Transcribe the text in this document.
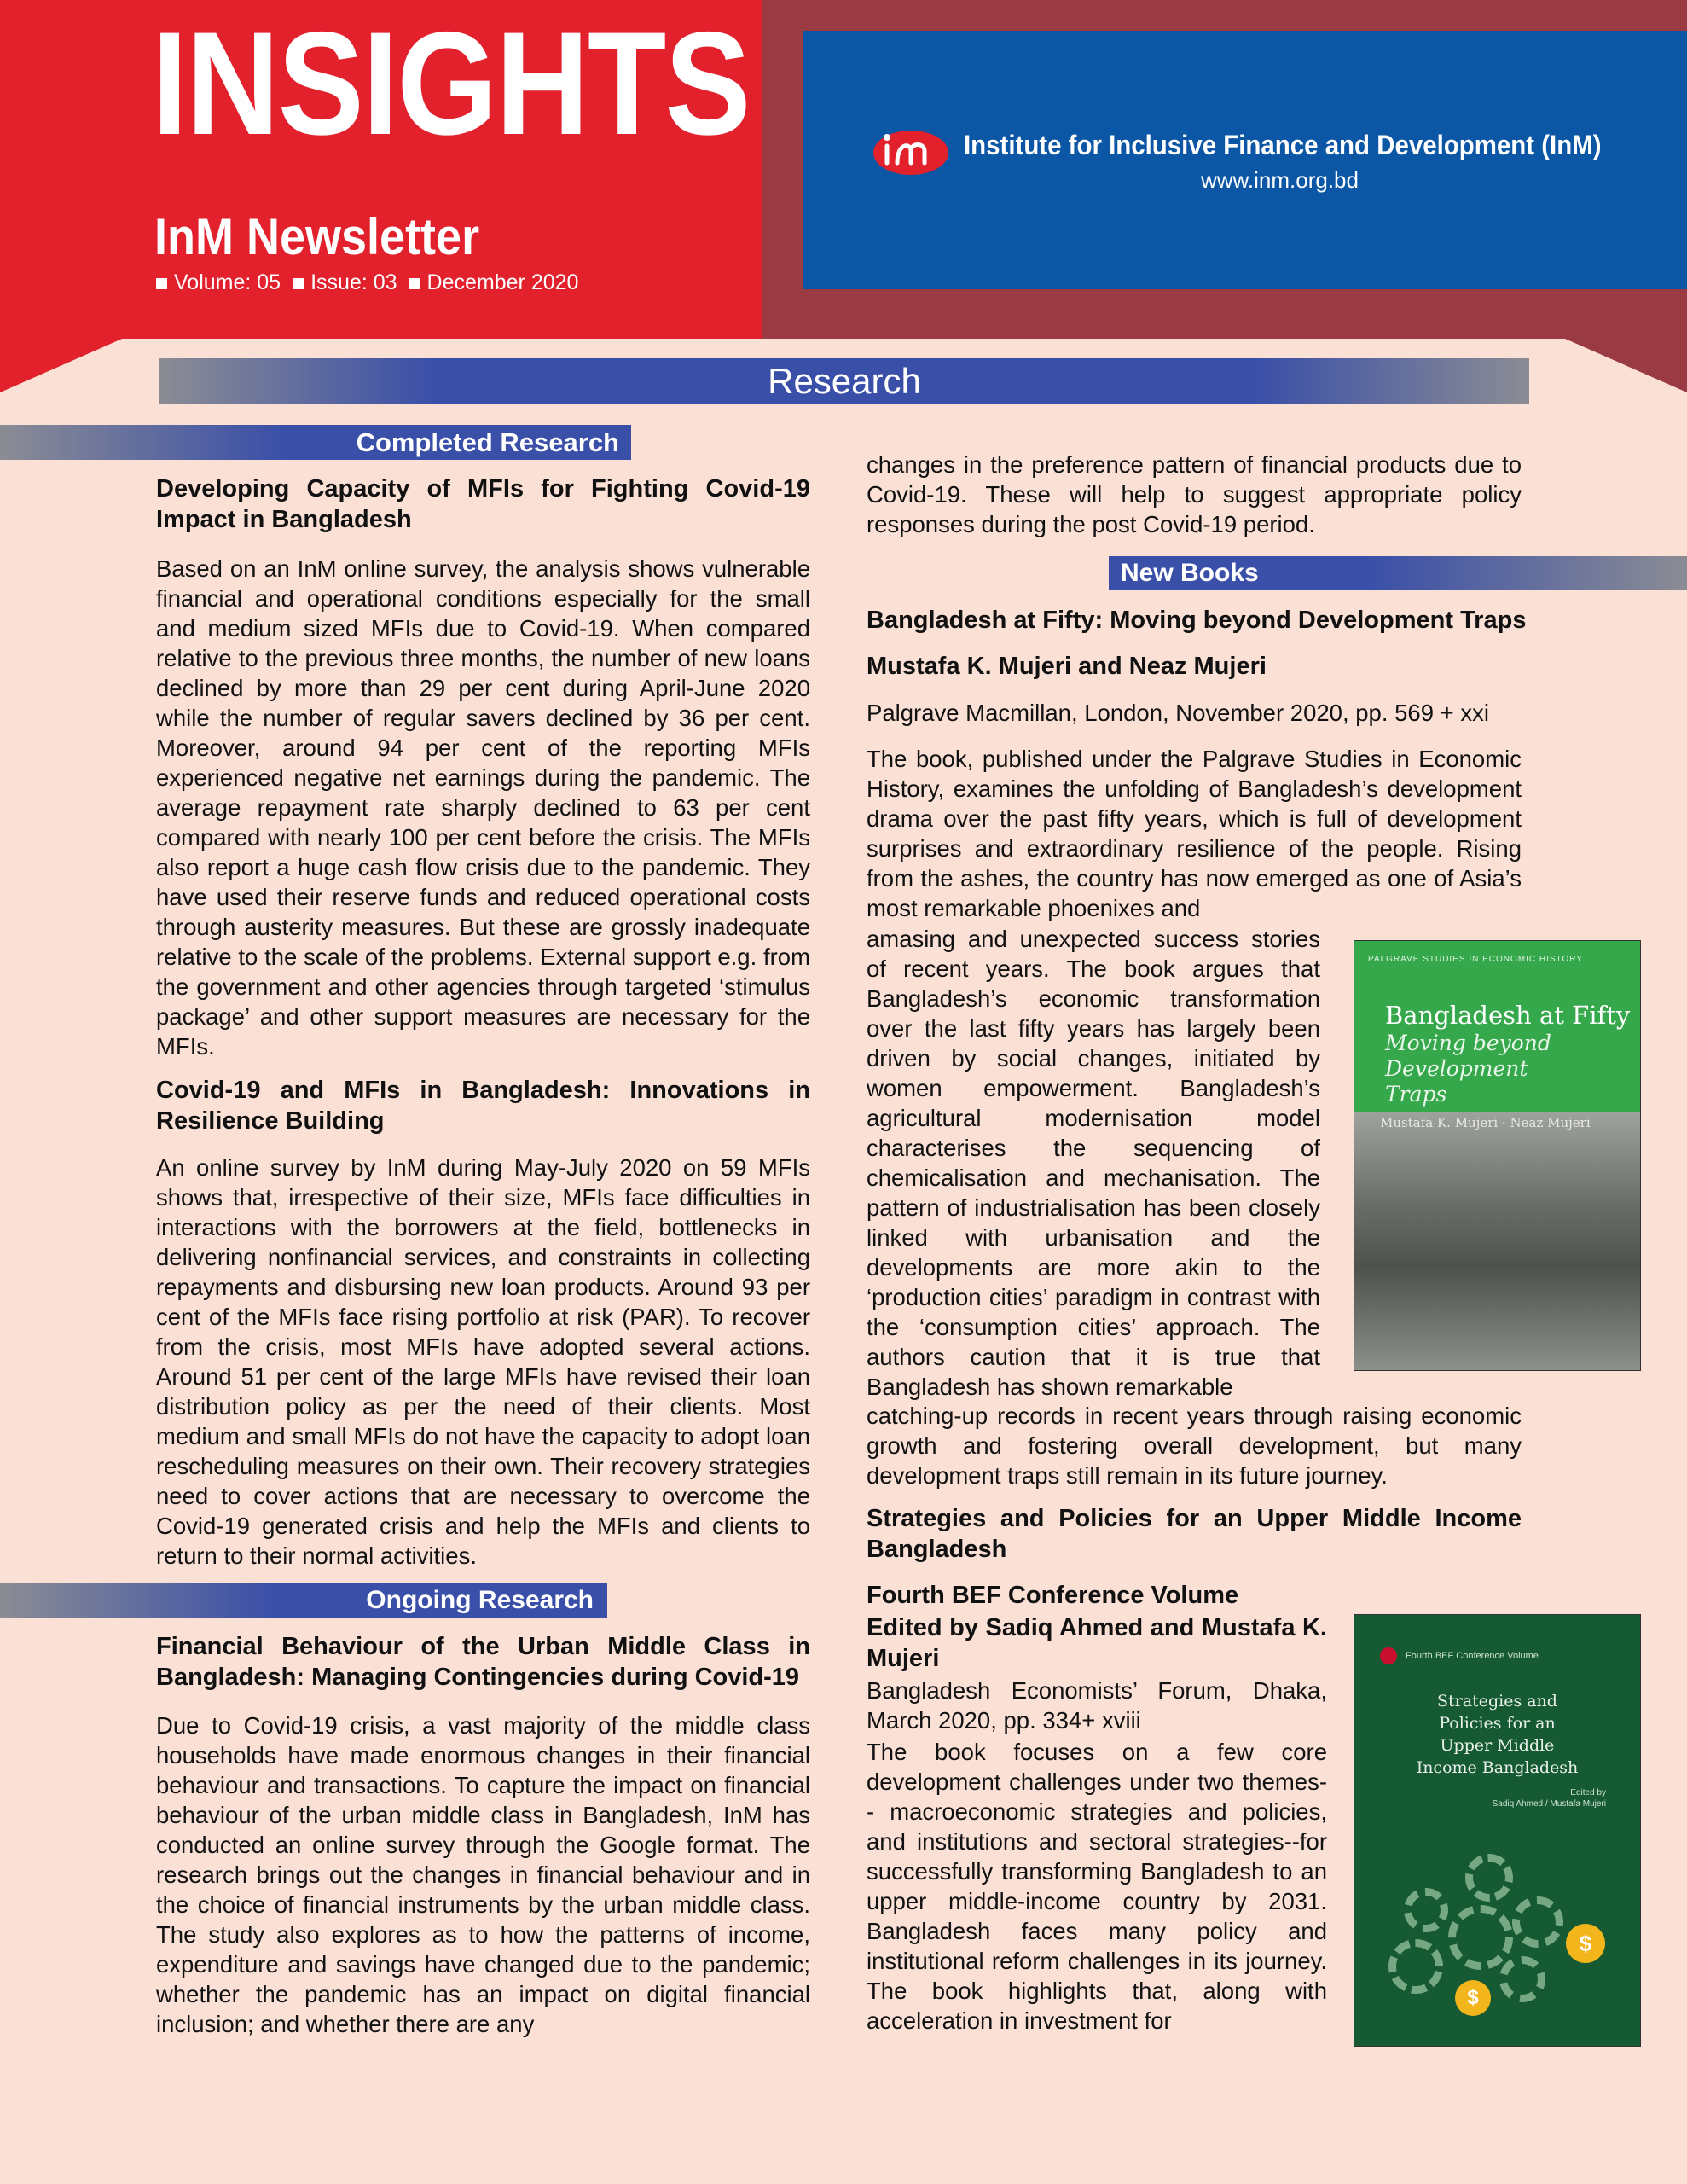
INSIGHTS
InM Newsletter
Volume: 05	Issue: 03	December 2020
Institute for Inclusive Finance and Development (InM)
www.inm.org.bd
Research
Completed Research
Developing Capacity of MFIs for Fighting Covid-19 Impact in Bangladesh

Based on an InM online survey, the analysis shows vulnerable financial and operational conditions especially for the small and medium sized MFIs due to Covid-19. When compared relative to the previous three months, the number of new loans declined by more than 29 per cent during April-June 2020 while the number of regular savers declined by 36 per cent. Moreover, around 94 per cent of the reporting MFIs experienced negative net earnings during the pandemic. The average repayment rate sharply declined to 63 per cent compared with nearly 100 per cent before the crisis. The MFIs also report a huge cash flow crisis due to the pandemic. They have used their reserve funds and reduced operational costs through austerity measures. But these are grossly inadequate relative to the scale of the problems. External support e.g. from the government and other agencies through targeted ‘stimulus package’ and other support measures are necessary for the MFIs.

Covid-19 and MFIs in Bangladesh: Innovations in Resilience Building

An online survey by InM during May-July 2020 on 59 MFIs shows that, irrespective of their size, MFIs face difficulties in interactions with the borrowers at the field, bottlenecks in delivering nonfinancial services, and constraints in collecting repayments and disbursing new loan products. Around 93 per cent of the MFIs face rising portfolio at risk (PAR). To recover from the crisis, most MFIs have adopted several actions. Around 51 per cent of the large MFIs have revised their loan distribution policy as per the need of their clients. Most medium and small MFIs do not have the capacity to adopt loan rescheduling measures on their own. Their recovery strategies need to cover actions that are necessary to overcome the Covid-19 generated crisis and help the MFIs and clients to return to their normal activities.

Ongoing Research
Financial Behaviour of the Urban Middle Class in Bangladesh: Managing Contingencies during Covid-19

Due to Covid-19 crisis, a vast majority of the middle class households have made enormous changes in their financial behaviour and transactions. To capture the impact on financial behaviour of the urban middle class in Bangladesh, InM has conducted an online survey through the Google format. The research brings out the changes in financial behaviour and in the choice of financial instruments by the urban middle class. The study also explores as to how the patterns of income, expenditure and savings have changed due to the pandemic; whether the pandemic has an impact on digital financial inclusion; and whether there are any

changes in the preference pattern of financial products due to Covid-19. These will help to suggest appropriate policy responses during the post Covid-19 period.

New Books
Bangladesh at Fifty: Moving beyond Development Traps
Mustafa K. Mujeri and Neaz Mujeri

Palgrave Macmillan, London, November 2020, pp. 569 + xxi

The book, published under the Palgrave Studies in Economic History, examines the unfolding of Bangladesh’s development drama over the past fifty years, which is full of development surprises and extraordinary resilience of the people. Rising from the ashes, the country has now emerged as one of Asia’s most remarkable phoenixes and

amasing and unexpected success stories of recent years. The book argues that Bangladesh’s economic transformation over the last fifty years has largely been driven by social changes, initiated by women empowerment. Bangladesh’s agricultural modernisation model characterises the sequencing of chemicalisation and mechanisation. The pattern of industrialisation has been closely linked with urbanisation and the developments are more akin to the ‘production cities’ paradigm in contrast with the ‘consumption cities’ approach. The authors caution that it is true that Bangladesh has shown remarkable

catching-up records in recent years through raising economic growth and fostering overall development, but many development traps still remain in its future journey.

PALGRAVE STUDIES IN ECONOMIC HISTORY
Bangladesh at Fifty
Moving beyond Development Traps
Mustafa K. Mujeri · Neaz Mujeri
Strategies and Policies for an Upper Middle Income Bangladesh
Fourth BEF Conference Volume
Edited by Sadiq Ahmed and Mustafa K. Mujeri

Bangladesh Economists’ Forum, Dhaka, March 2020, pp. 334+ xviii

The book focuses on a few core development challenges under two themes-- macroeconomic strategies and policies, and institutions and sectoral strategies--for successfully transforming Bangladesh to an upper middle-income country by 2031. Bangladesh faces many policy and institutional reform challenges in its journey. The book highlights that, along with acceleration in investment for

Fourth BEF Conference Volume
Strategies and Policies for an Upper Middle Income Bangladesh
Edited by
Sadiq Ahmed / Mustafa Mujeri
$
$
